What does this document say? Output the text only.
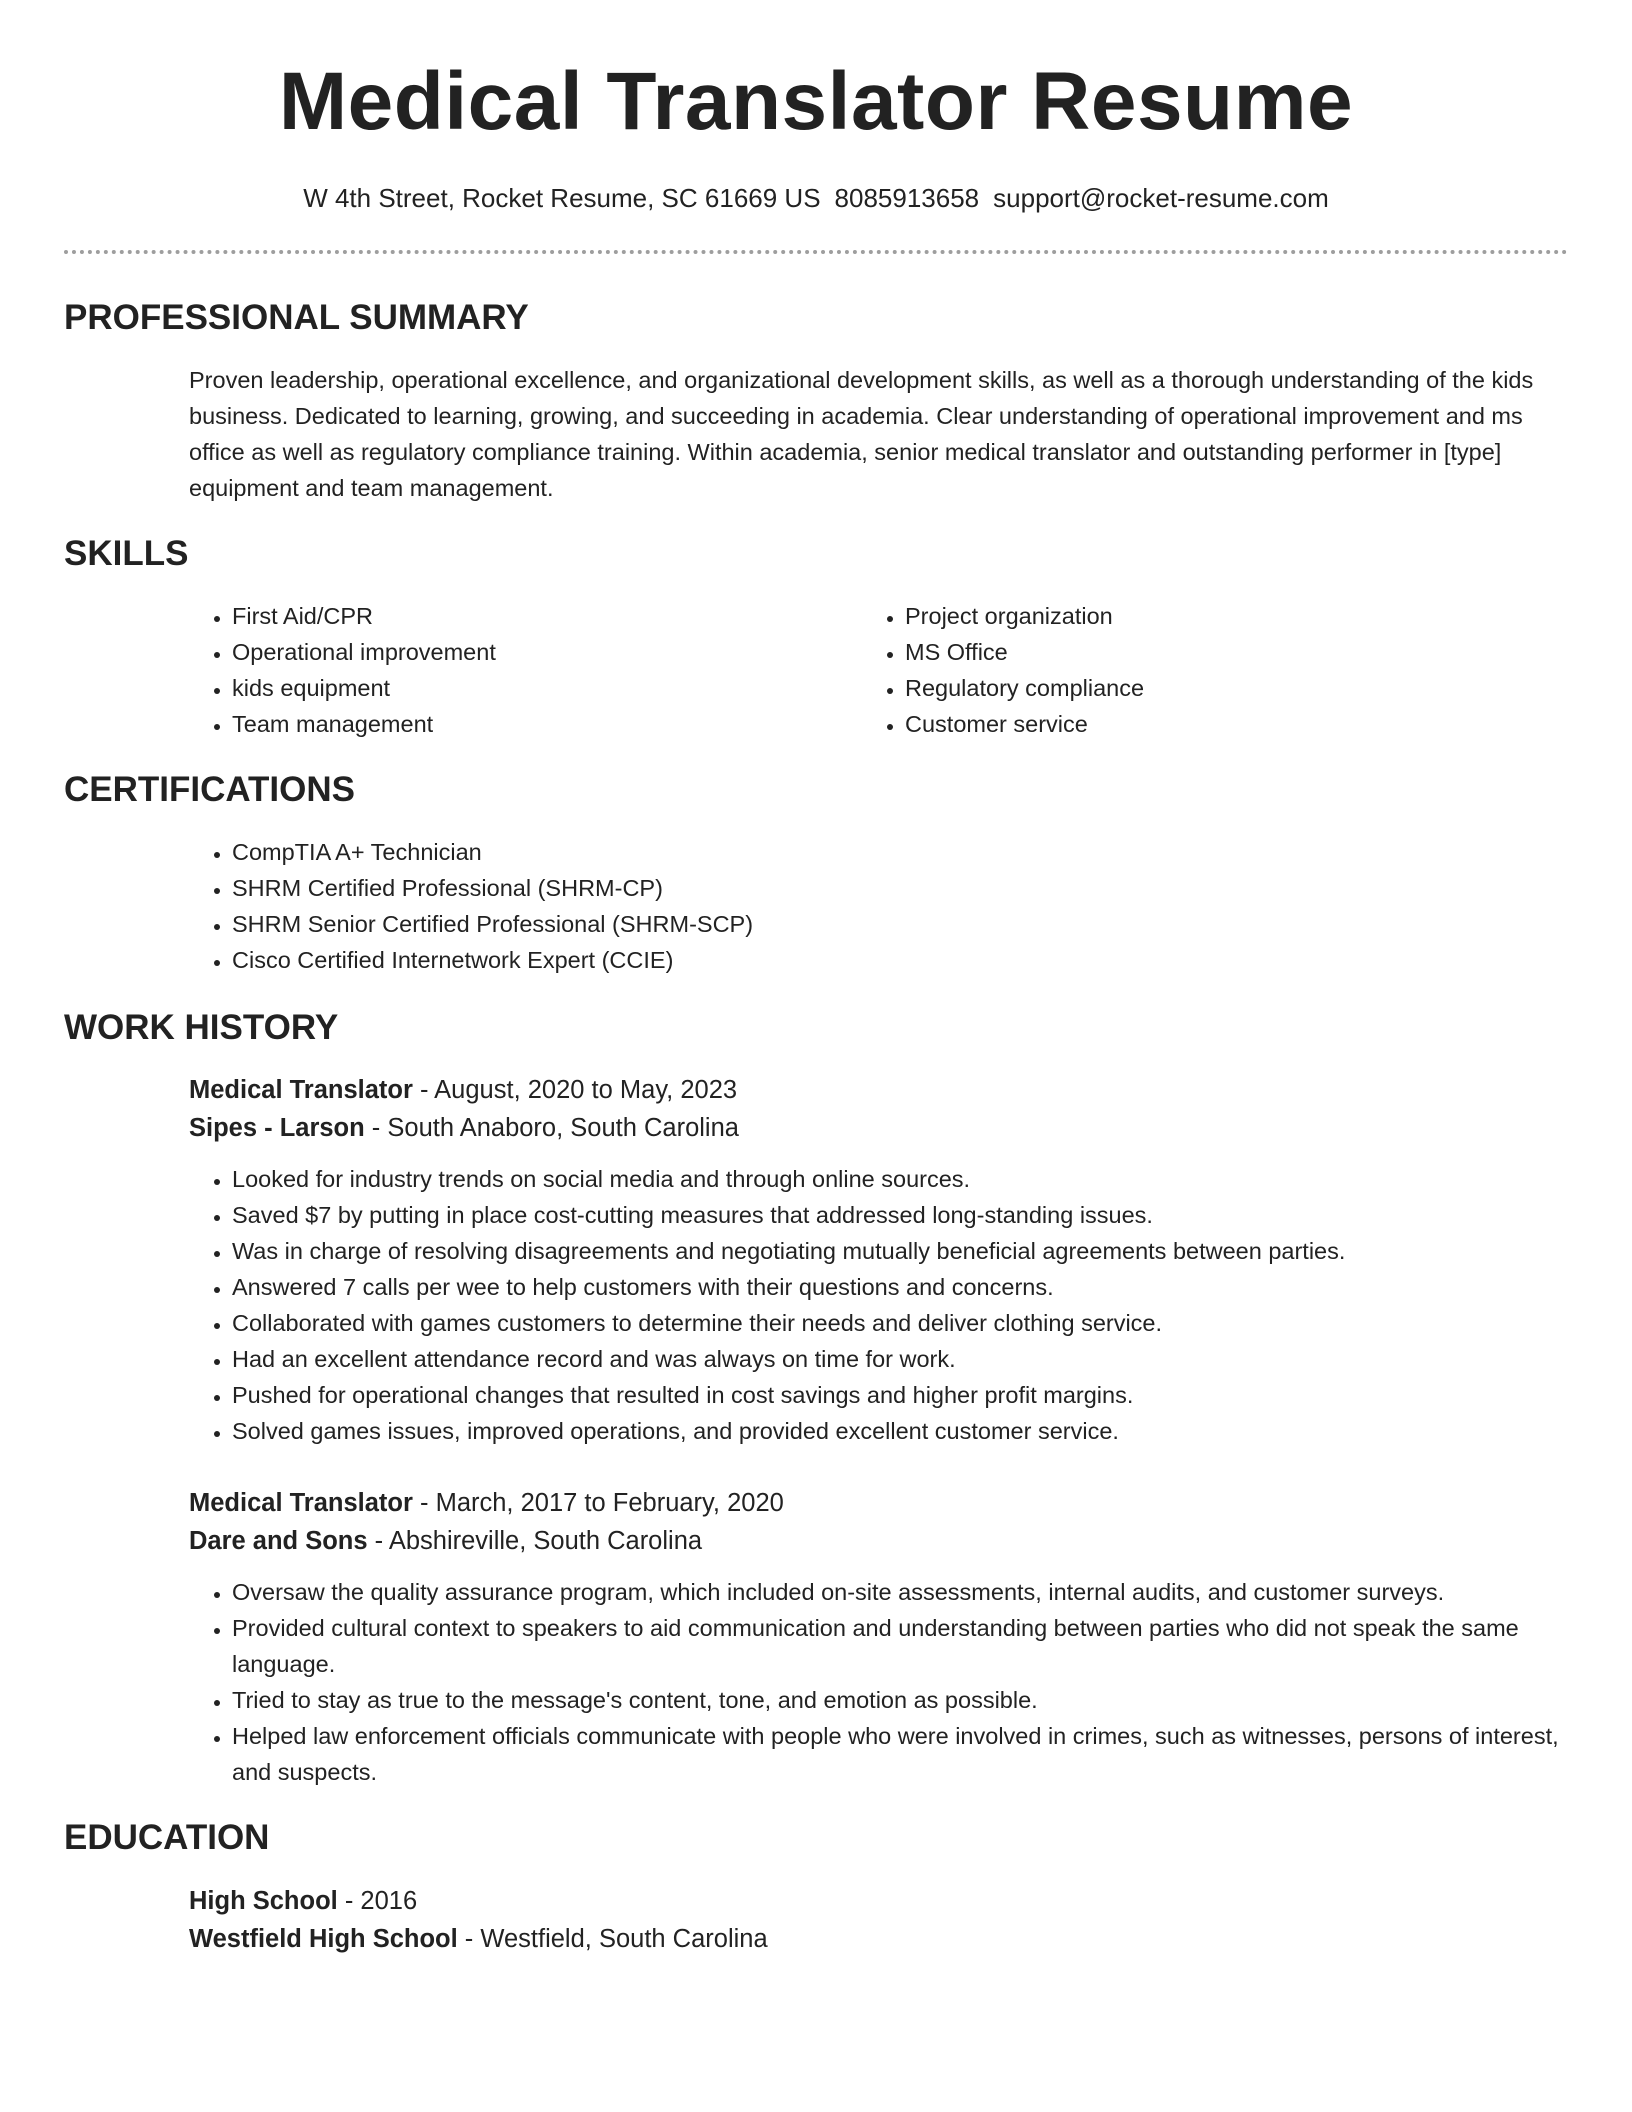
Medical Translator Resume
W 4th Street, Rocket Resume, SC 61669 US 8085913658 support@rocket-resume.com
PROFESSIONAL SUMMARY

Proven leadership, operational excellence, and organizational development skills, as well as a thorough understanding of the kids business. Dedicated to learning, growing, and succeeding in academia. Clear understanding of operational improvement and ms office as well as regulatory compliance training. Within academia, senior medical translator and outstanding performer in [type] equipment and team management.

SKILLS
• First Aid/CPR
• Operational improvement
• kids equipment
• Team management
• Project organization
• MS Office
• Regulatory compliance
• Customer service
CERTIFICATIONS
• CompTIA A+ Technician
• SHRM Certified Professional (SHRM-CP)
• SHRM Senior Certified Professional (SHRM-SCP)
• Cisco Certified Internetwork Expert (CCIE)
WORK HISTORY

Medical Translator - August, 2020 to May, 2023

Sipes - Larson - South Anaboro, South Carolina

• Looked for industry trends on social media and through online sources.
• Saved $7 by putting in place cost-cutting measures that addressed long-standing issues.
• Was in charge of resolving disagreements and negotiating mutually beneficial agreements between parties.
• Answered 7 calls per wee to help customers with their questions and concerns.
• Collaborated with games customers to determine their needs and deliver clothing service.
• Had an excellent attendance record and was always on time for work.
• Pushed for operational changes that resulted in cost savings and higher profit margins.
• Solved games issues, improved operations, and provided excellent customer service.

Medical Translator - March, 2017 to February, 2020

Dare and Sons - Abshireville, South Carolina

• Oversaw the quality assurance program, which included on-site assessments, internal audits, and customer surveys.
• Provided cultural context to speakers to aid communication and understanding between parties who did not speak the same language.
• Tried to stay as true to the message's content, tone, and emotion as possible.
• Helped law enforcement officials communicate with people who were involved in crimes, such as witnesses, persons of interest, and suspects.
EDUCATION

High School - 2016

Westfield High School - Westfield, South Carolina
